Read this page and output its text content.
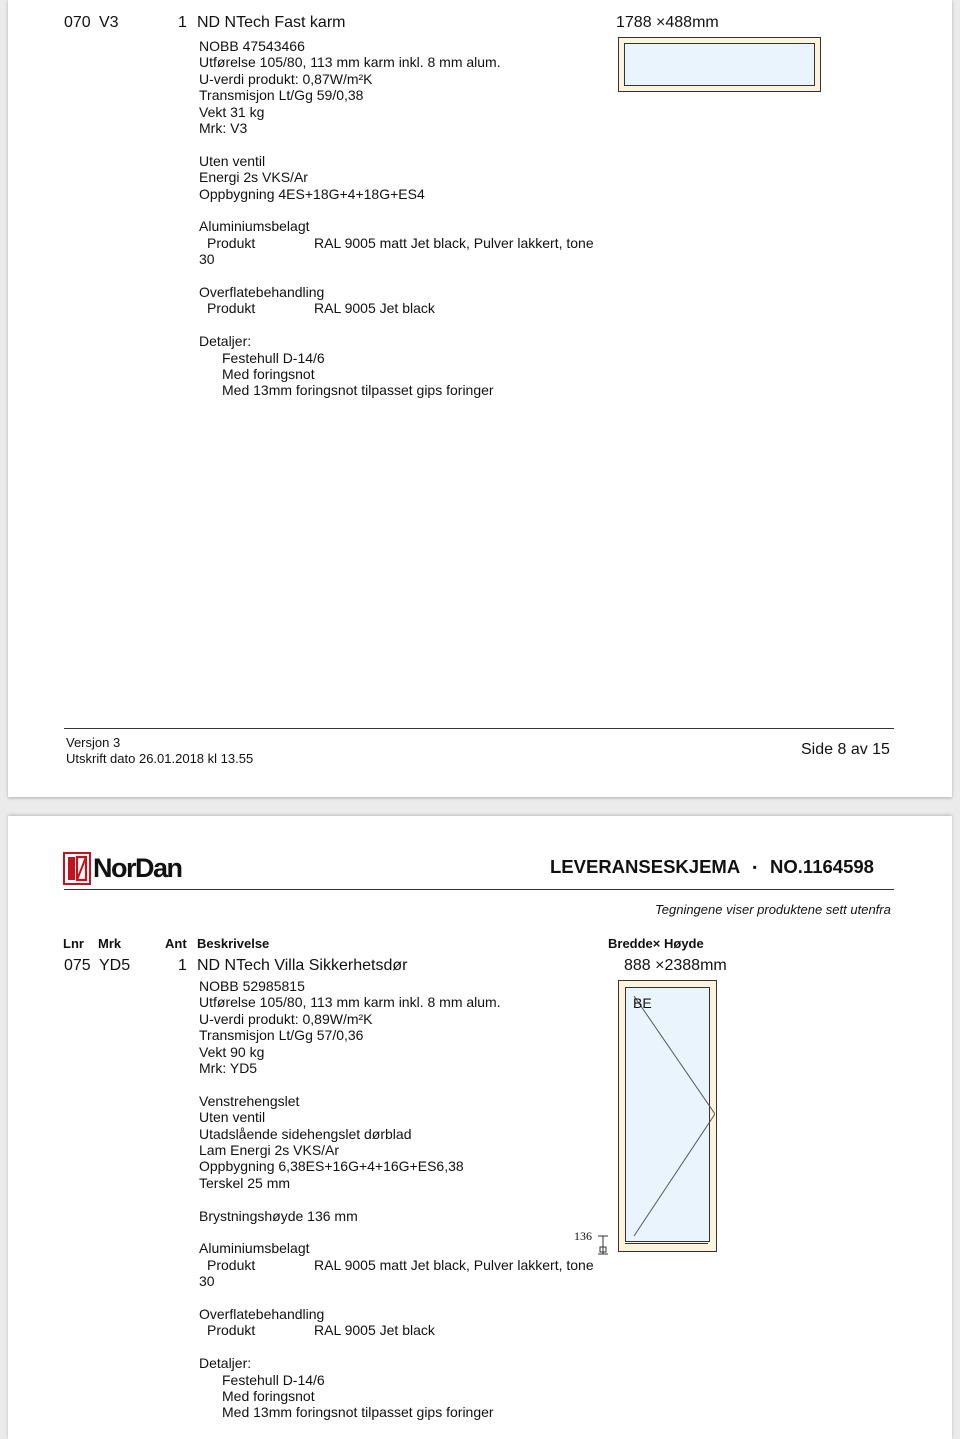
070 V3	1 ND NTech Fast karm	1788 ×488mm
NOBB 47543466
Utførelse 105/80, 113 mm karm inkl. 8 mm alum.
U-verdi produkt: 0,87W/m²K
Transmisjon Lt/Gg 59/0,38
Vekt 31 kg
Mrk: V3
Uten ventil
Energi 2s VKS/Ar
Oppbygning 4ES+18G+4+18G+ES4
Aluminiumsbelagt
Produkt	RAL 9005 matt Jet black, Pulver lakkert, tone
30
Overflatebehandling
Produkt	RAL 9005 Jet black
Detaljer:
Festehull D-14/6
Med foringsnot
Med 13mm foringsnot tilpasset gips foringer
Versjon 3
Utskrift dato 26.01.2018 kl 13.55
Side 8 av 15
NorDan	LEVERANSESKJEMA ▪ NO.1164598
Tegningene viser produktene sett utenfra
Lnr Mrk	Ant Beskrivelse	Bredde× Høyde
075 YD5	1 ND NTech Villa Sikkerhetsdør	888 ×2388mm
BE
136
NOBB 52985815
Utførelse 105/80, 113 mm karm inkl. 8 mm alum.
U-verdi produkt: 0,89W/m²K
Transmisjon Lt/Gg 57/0,36
Vekt 90 kg
Mrk: YD5
Venstrehengslet
Uten ventil
Utadslående sidehengslet dørblad
Lam Energi 2s VKS/Ar
Oppbygning 6,38ES+16G+4+16G+ES6,38
Terskel 25 mm
Brystningshøyde 136 mm
Aluminiumsbelagt
Produkt	RAL 9005 matt Jet black, Pulver lakkert, tone
30
Overflatebehandling
Produkt	RAL 9005 Jet black
Detaljer:
Festehull D-14/6
Med foringsnot
Med 13mm foringsnot tilpasset gips foringer
